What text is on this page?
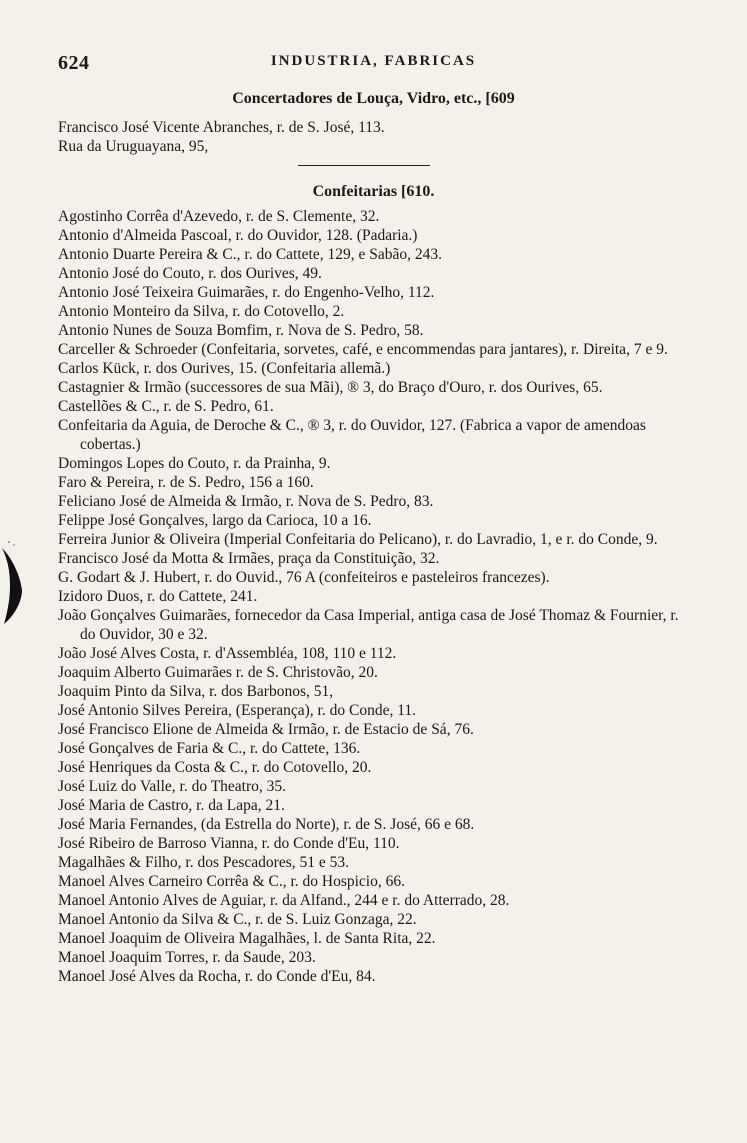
624	INDUSTRIA, FABRICAS
Concertadores de Louça, Vidro, etc., [609
Francisco José Vicente Abranches, r. de S. José, 113.
Rua da Uruguayana, 95,
Confeitarias [610.
Agostinho Corrêa d'Azevedo, r. de S. Clemente, 32.
Antonio d'Almeida Pascoal, r. do Ouvidor, 128. (Padaria.)
Antonio Duarte Pereira & C., r. do Cattete, 129, e Sabão, 243.
Antonio José do Couto, r. dos Ourives, 49.
Antonio José Teixeira Guimarães, r. do Engenho-Velho, 112.
Antonio Monteiro da Silva, r. do Cotovello, 2.
Antonio Nunes de Souza Bomfim, r. Nova de S. Pedro, 58.
Carceller & Schroeder (Confeitaria, sorvetes, café, e encommendas para jantares), r. Direita, 7 e 9.
Carlos Kück, r. dos Ourives, 15. (Confeitaria allemã.)
Castagnier & Irmão (successores de sua Mãi), ® 3, do Braço d'Ouro, r. dos Ourives, 65.
Castellões & C., r. de S. Pedro, 61.
Confeitaria da Aguia, de Deroche & C., ® 3, r. do Ouvidor, 127. (Fabrica a vapor de amendoas cobertas.)
Domingos Lopes do Couto, r. da Prainha, 9.
Faro & Pereira, r. de S. Pedro, 156 a 160.
Feliciano José de Almeida & Irmão, r. Nova de S. Pedro, 83.
Felippe José Gonçalves, largo da Carioca, 10 a 16.
Ferreira Junior & Oliveira (Imperial Confeitaria do Pelicano), r. do Lavradio, 1, e r. do Conde, 9.
Francisco José da Motta & Irmães, praça da Constituição, 32.
G. Godart & J. Hubert, r. do Ouvid., 76 A (confeiteiros e pasteleiros francezes).
Izidoro Duos, r. do Cattete, 241.
João Gonçalves Guimarães, fornecedor da Casa Imperial, antiga casa de José Thomaz & Fournier, r. do Ouvidor, 30 e 32.
João José Alves Costa, r. d'Assembléa, 108, 110 e 112.
Joaquim Alberto Guimarães r. de S. Christovão, 20.
Joaquim Pinto da Silva, r. dos Barbonos, 51,
José Antonio Silves Pereira, (Esperança), r. do Conde, 11.
José Francisco Elione de Almeida & Irmão, r. de Estacio de Sá, 76.
José Gonçalves de Faria & C., r. do Cattete, 136.
José Henriques da Costa & C., r. do Cotovello, 20.
José Luiz do Valle, r. do Theatro, 35.
José Maria de Castro, r. da Lapa, 21.
José Maria Fernandes, (da Estrella do Norte), r. de S. José, 66 e 68.
José Ribeiro de Barroso Vianna, r. do Conde d'Eu, 110.
Magalhães & Filho, r. dos Pescadores, 51 e 53.
Manoel Alves Carneiro Corrêa & C., r. do Hospicio, 66.
Manoel Antonio Alves de Aguiar, r. da Alfand., 244 e r. do Atterrado, 28.
Manoel Antonio da Silva & C., r. de S. Luiz Gonzaga, 22.
Manoel Joaquim de Oliveira Magalhães, l. de Santa Rita, 22.
Manoel Joaquim Torres, r. da Saude, 203.
Manoel José Alves da Rocha, r. do Conde d'Eu, 84.
